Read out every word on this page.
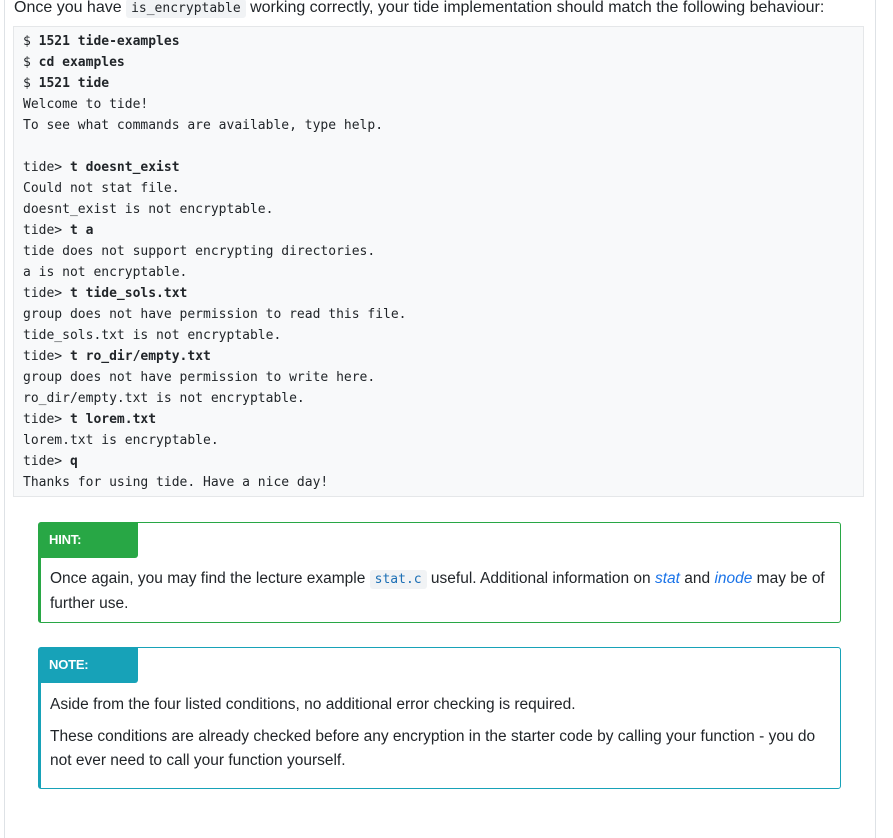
Once you have is_encryptable working correctly, your tide implementation should match the following behaviour:
$ 1521 tide-examples
$ cd examples
$ 1521 tide
Welcome to tide!
To see what commands are available, type help.
tide> t doesnt_exist
Could not stat file.
doesnt_exist is not encryptable.
tide> t a
tide does not support encrypting directories.
a is not encryptable.
tide> t tide_sols.txt
group does not have permission to read this file.
tide_sols.txt is not encryptable.
tide> t ro_dir/empty.txt
group does not have permission to write here.
ro_dir/empty.txt is not encryptable.
tide> t lorem.txt
lorem.txt is encryptable.
tide> q
Thanks for using tide. Have a nice day!
HINT:

Once again, you may find the lecture example stat.c useful. Additional information on stat and inode may be of further use.

NOTE:

Aside from the four listed conditions, no additional error checking is required.

These conditions are already checked before any encryption in the starter code by calling your function - you do not ever need to call your function yourself.
